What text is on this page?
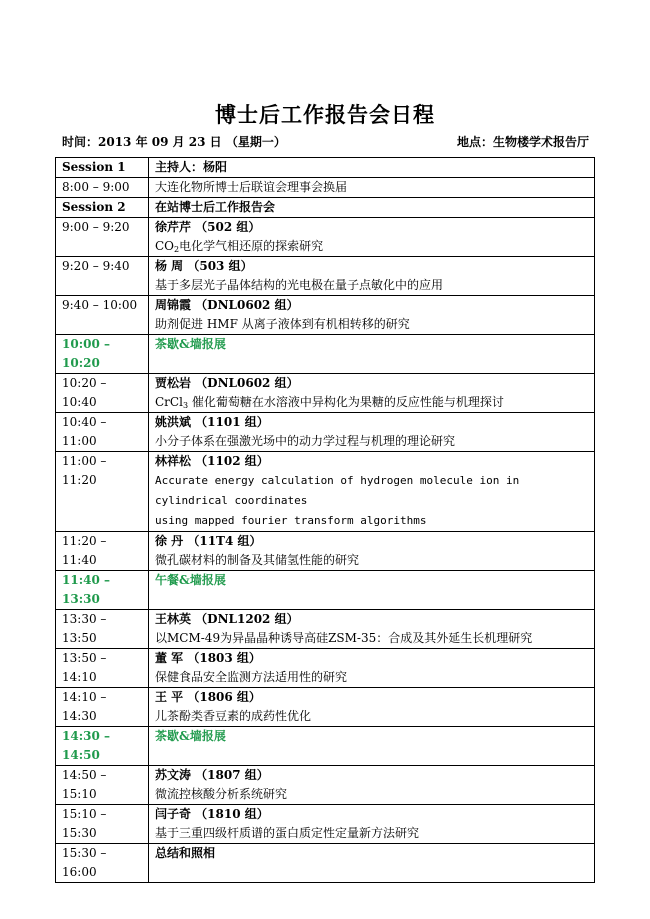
博士后工作报告会日程
时间：2013 年 09 月 23 日 （星期一）	地点：生物楼学术报告厅
Session 1	主持人：杨阳
8:00 – 9:00	大连化物所博士后联谊会理事会换届
Session 2	在站博士后工作报告会
9:00 – 9:20	徐芹芹 （502 组）
$CO_2$电化学气相还原的探索研究

9:20 – 9:40	杨 周 （503 组）
基于多层光子晶体结构的光电极在量子点敏化中的应用

9:40 – 10:00	周锦霞 （DNL0602 组）
助剂促进 HMF 从离子液体到有机相转移的研究

10:00 – 10:20	茶歇&墙报展
10:20 – 10:40	贾松岩 （DNL0602 组）
CrCl$_3$ 催化葡萄糖在水溶液中异构化为果糖的反应性能与机理探讨

10:40 – 11:00	姚洪斌 （1101 组）
小分子体系在强激光场中的动力学过程与机理的理论研究

11:00 – 11:20	林祥松 （1102 组）
Accurate energy calculation of hydrogen molecule ion in cylindrical coordinates
using mapped fourier transform algorithms

11:20 – 11:40	徐 丹 （11T4 组）
微孔碳材料的制备及其储氢性能的研究

11:40 – 13:30	午餐&墙报展
13:30 – 13:50	王林英 （DNL1202 组）
以MCM-49为异晶晶种诱导高硅ZSM-35：合成及其外延生长机理研究

13:50 – 14:10	董 军 （1803 组）
保健食品安全监测方法适用性的研究

14:10 – 14:30	王 平 （1806 组）
儿茶酚类香豆素的成药性优化

14:30 – 14:50	茶歇&墙报展
14:50 – 15:10	苏文涛 （1807 组）
微流控核酸分析系统研究

15:10 – 15:30	闫子奇 （1810 组）
基于三重四级杆质谱的蛋白质定性定量新方法研究

15:30 – 16:00	总结和照相
